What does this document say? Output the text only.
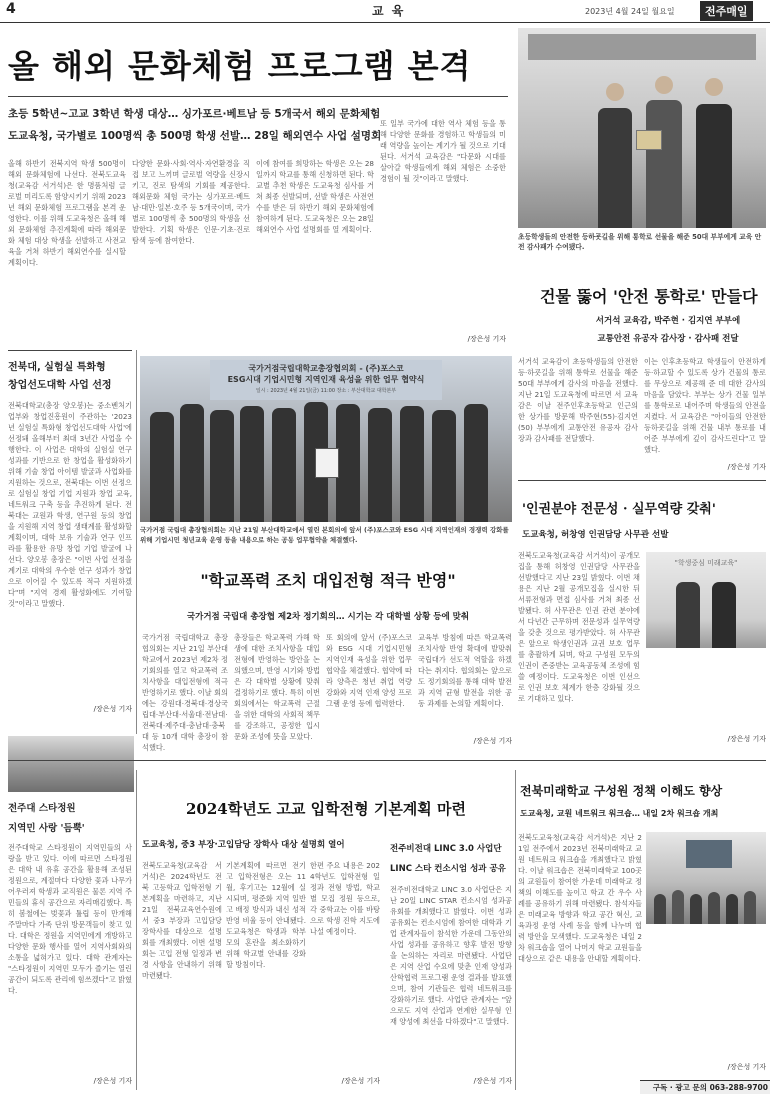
4	교 육	2023년 4월 24일 월요일	전주매일
올 해외 문화체험 프로그램 본격
초등 5학년~고교 3학년 학생 대상… 싱가포르·베트남 등 5개국서 해외 문화체험
도교육청, 국가별로 100명씩 총 500명 학생 선발… 28일 해외연수 사업 설명회
올해 하반기 전북지역 학생 500명이 해외 문화체험에 나선다. 전북도교육청(교육감 서거석)은 한 명품처럼 글로벌 미리도록 함양시키기 위해 2023년 해외 문화체험 프로그램을 본격 운영한다. 이를 위해 도교육청은 올해 해외 문화체험 추진계획에 따라 해외문화 체험 대상 학생을 선발하고 사전교육을 거쳐 하반기 해외연수를 실시할 계획이다.
다양한 문화·사회·역사·자연환경을 직접 보고 느끼며 글로벌 역량을 신장시키고, 진로 탐색의 기회를 제공한다. 해외문화 체험 국가는 싱가포르·베트남·대만·일본·호주 등 5개국이며, 국가별로 100명씩 총 500명의 학생을 선발한다. 기획 학생은 인문·기초·진로 탐색 등에 참여한다.
이에 참여를 희망하는 학생은 오는 28일까지 학교를 통해 신청하면 된다. 학교별 추천 학생은 도교육청 심사를 거쳐 최종 선발되며, 선발 학생은 사전연수를 받은 뒤 하반기 해외 문화체험에 참여하게 된다. 도교육청은 오는 28일 해외연수 사업 설명회를 열 계획이다.
또 일부 국가에 대한 역사 체험 등을 통해 다양한 문화를 경험하고 학생들의 미래 역량을 높이는 계기가 될 것으로 기대된다. 서거석 교육감은 "다문화 시대를 살아갈 학생들에게 해외 체험은 소중한 경험이 될 것"이라고 말했다.
/장은성 기자
초등학생들의 안전한 등하굣길을 위해 통학로 선물을 해준 50대 부부에게 교육 안전 감사패가 수여됐다.
건물 뚫어 '안전 통학로' 만들다
서거석 교육감, 박주현 · 김지연 부부에
교통안전 유공자 감사장 · 감사패 전달
서거석 교육감이 초등학생들의 안전한 등·하굣길을 위해 통학로 선물을 해준 50대 부부에게 감사의 마음을 전했다. 지난 21일 도교육청에 따르면 서 교육감은 이날 전주인후초등학교 인근의 한 상가를 방문해 박주현(55)·김지연(50) 부부에게 교통안전 유공자 감사장과 감사패를 전달했다.
이는 인후초등학교 학생들이 안전하게 등·하교할 수 있도록 상가 건물의 통로를 무상으로 제공해 준 데 대한 감사의 마음을 담았다. 부부는 상가 건물 일부를 통학로로 내어주며 학생들의 안전을 지켰다. 서 교육감은 "아이들의 안전한 등하굣길을 위해 건물 내부 통로를 내어준 부부에게 깊이 감사드린다"고 말했다.
/장은성 기자
전북대, 실험실 특화형
창업선도대학 사업 선정
전북대학교(총장 양오봉)는 중소벤처기업부와 창업진흥원이 주관하는 '2023년 실험실 특화형 창업선도대학 사업'에 선정돼 올해부터 최대 3년간 사업을 수행한다. 이 사업은 대학의 실험실 연구 성과를 기반으로 한 창업을 활성화하기 위해 기술 창업 아이템 발굴과 사업화를 지원하는 것으로, 전북대는 이번 선정으로 실험실 창업 기업 지원과 창업 교육, 네트워크 구축 등을 추진하게 된다. 전북대는 교원과 학생, 연구원 등의 창업을 지원해 지역 창업 생태계를 활성화할 계획이며, 대학 보유 기술과 연구 인프라를 활용한 유망 창업 기업 발굴에 나선다. 양오봉 총장은 "이번 사업 선정을 계기로 대학의 우수한 연구 성과가 창업으로 이어질 수 있도록 적극 지원하겠다"며 "지역 경제 활성화에도 기여할 것"이라고 말했다.
/장은성 기자
국가거점국립대학교총장협의회 - (주)포스코
ESG시대 기업시민형 지역인재 육성을 위한 업무 협약식
일시 : 2023년 4월 21일(금) 11:00 장소 : 부산대학교 대학본부
국가거점 국립대 총장협의회는 지난 21일 부산대학교에서 열린 본회의에 앞서 (주)포스코와 ESG 시대 지역인재의 경쟁력 강화를 위해 기업시민 청년교육 운영 등을 내용으로 하는 공동 업무협약을 체결했다.
"학교폭력 조치 대입전형 적극 반영"
국가거점 국립대 총장협 제2차 정기회의… 시기는 각 대학별 상황 등에 맞춰
국가거점 국립대학교 총장협의회는 지난 21일 부산대학교에서 2023년 제2차 정기회의를 열고 학교폭력 조치사항을 대입전형에 적극 반영하기로 했다. 이날 회의에는 강원대·경북대·경상국립대·부산대·서울대·전남대·전북대·제주대·충남대·충북대 등 10개 대학 총장이 참석했다.
총장들은 학교폭력 가해 학생에 대한 조치사항을 대입전형에 반영하는 방안을 논의했으며, 반영 시기와 방법은 각 대학별 상황에 맞춰 결정하기로 했다. 특히 이번 회의에서는 학교폭력 근절을 위한 대학의 사회적 책무를 강조하고, 공정한 입시 문화 조성에 뜻을 모았다.
또 회의에 앞서 (주)포스코와 ESG 시대 기업시민형 지역인재 육성을 위한 업무협약을 체결했다. 협약에 따라 양측은 청년 취업 역량 강화와 지역 인재 양성 프로그램 운영 등에 협력한다.
교육부 방침에 따른 학교폭력 조치사항 반영 확대에 발맞춰 국립대가 선도적 역할을 하겠다는 취지다. 협의회는 앞으로도 정기회의를 통해 대학 발전과 지역 균형 발전을 위한 공동 과제를 논의할 계획이다.
/장은성 기자
'인권분야 전문성 · 실무역량 갖춰'
도교육청, 허창영 인권담당 사무관 선발
전북도교육청(교육감 서거석)이 공개모집을 통해 허창영 인권담당 사무관을 선발했다고 지난 23일 밝혔다. 이번 채용은 지난 2월 공개모집을 실시한 뒤 서류전형과 면접 심사를 거쳐 최종 선발됐다. 허 사무관은 인권 관련 분야에서 다년간 근무하며 전문성과 실무역량을 갖춘 것으로 평가받았다. 허 사무관은 앞으로 학생인권과 교권 보호 업무를 총괄하게 되며, 학교 구성원 모두의 인권이 존중받는 교육공동체 조성에 힘쓸 예정이다. 도교육청은 이번 인선으로 인권 보호 체계가 한층 강화될 것으로 기대하고 있다.
"학생중심 미래교육"
/장은성 기자
전주대 스타정원
지역민 사랑 '듬뿍'
전주대학교 스타정원이 지역민들의 사랑을 받고 있다. 이에 따르면 스타정원은 대학 내 유휴 공간을 활용해 조성된 정원으로, 계절마다 다양한 꽃과 나무가 어우러져 학생과 교직원은 물론 지역 주민들의 휴식 공간으로 자리매김했다. 특히 봄철에는 벚꽃과 튤립 등이 만개해 주말마다 가족 단위 방문객들이 찾고 있다. 대학은 정원을 지역민에게 개방하고 다양한 문화 행사를 열어 지역사회와의 소통을 넓혀가고 있다. 대학 관계자는 "스타정원이 지역민 모두가 즐기는 열린 공간이 되도록 관리에 힘쓰겠다"고 밝혔다.
/장은성 기자
2024학년도 고교 입학전형 기본계획 마련
도교육청, 중3 부장·고입담당 장학사 대상 설명회 열어
전북도교육청(교육감 서거석)은 2024학년도 전북 고등학교 입학전형 기본계획을 마련하고, 지난 21일 전북교육연수원에서 중3 부장과 고입담당 장학사를 대상으로 설명회를 개최했다. 이번 설명회는 고입 전형 일정과 변경 사항을 안내하기 위해 마련됐다.
기본계획에 따르면 전기고 입학전형은 오는 11월, 후기고는 12월에 실시되며, 평준화 지역 일반고 배정 방식과 내신 성적 반영 비율 등이 안내됐다. 도교육청은 학생과 학부모의 혼란을 최소화하기 위해 학교별 안내를 강화할 방침이다.
한편 주요 내용은 2024학년도 입학전형 일정과 전형 방법, 학교별 모집 정원 등으로, 각 중학교는 이를 바탕으로 학생 진학 지도에 나설 예정이다.
/장은성 기자
전주비전대 LINC 3.0 사업단
LINC 스타 컨소시엄 성과 공유
전주비전대학교 LINC 3.0 사업단은 지난 20일 LINC STAR 컨소시엄 성과공유회를 개최했다고 밝혔다. 이번 성과공유회는 컨소시엄에 참여한 대학과 기업 관계자들이 참석한 가운데 그동안의 사업 성과를 공유하고 향후 발전 방향을 논의하는 자리로 마련됐다. 사업단은 지역 산업 수요에 맞춘 인재 양성과 산학협력 프로그램 운영 결과를 발표했으며, 참여 기관들은 협력 네트워크를 강화하기로 했다. 사업단 관계자는 "앞으로도 지역 산업과 연계한 실무형 인재 양성에 최선을 다하겠다"고 말했다.
/장은성 기자
전북미래학교 구성원 정책 이해도 향상
도교육청, 교원 네트워크 워크숍… 내일 2차 워크숍 개최
전북도교육청(교육감 서거석)은 지난 21일 전주에서 2023년 전북미래학교 교원 네트워크 워크숍을 개최했다고 밝혔다. 이날 워크숍은 전북미래학교 100곳의 교원들이 참여한 가운데 미래학교 정책의 이해도를 높이고 학교 간 우수 사례를 공유하기 위해 마련됐다. 참석자들은 미래교육 방향과 학교 공간 혁신, 교육과정 운영 사례 등을 함께 나누며 협력 방안을 모색했다. 도교육청은 내일 2차 워크숍을 열어 나머지 학교 교원들을 대상으로 같은 내용을 안내할 계획이다.
/장은성 기자
구독 · 광고 문의 063-288-9700
